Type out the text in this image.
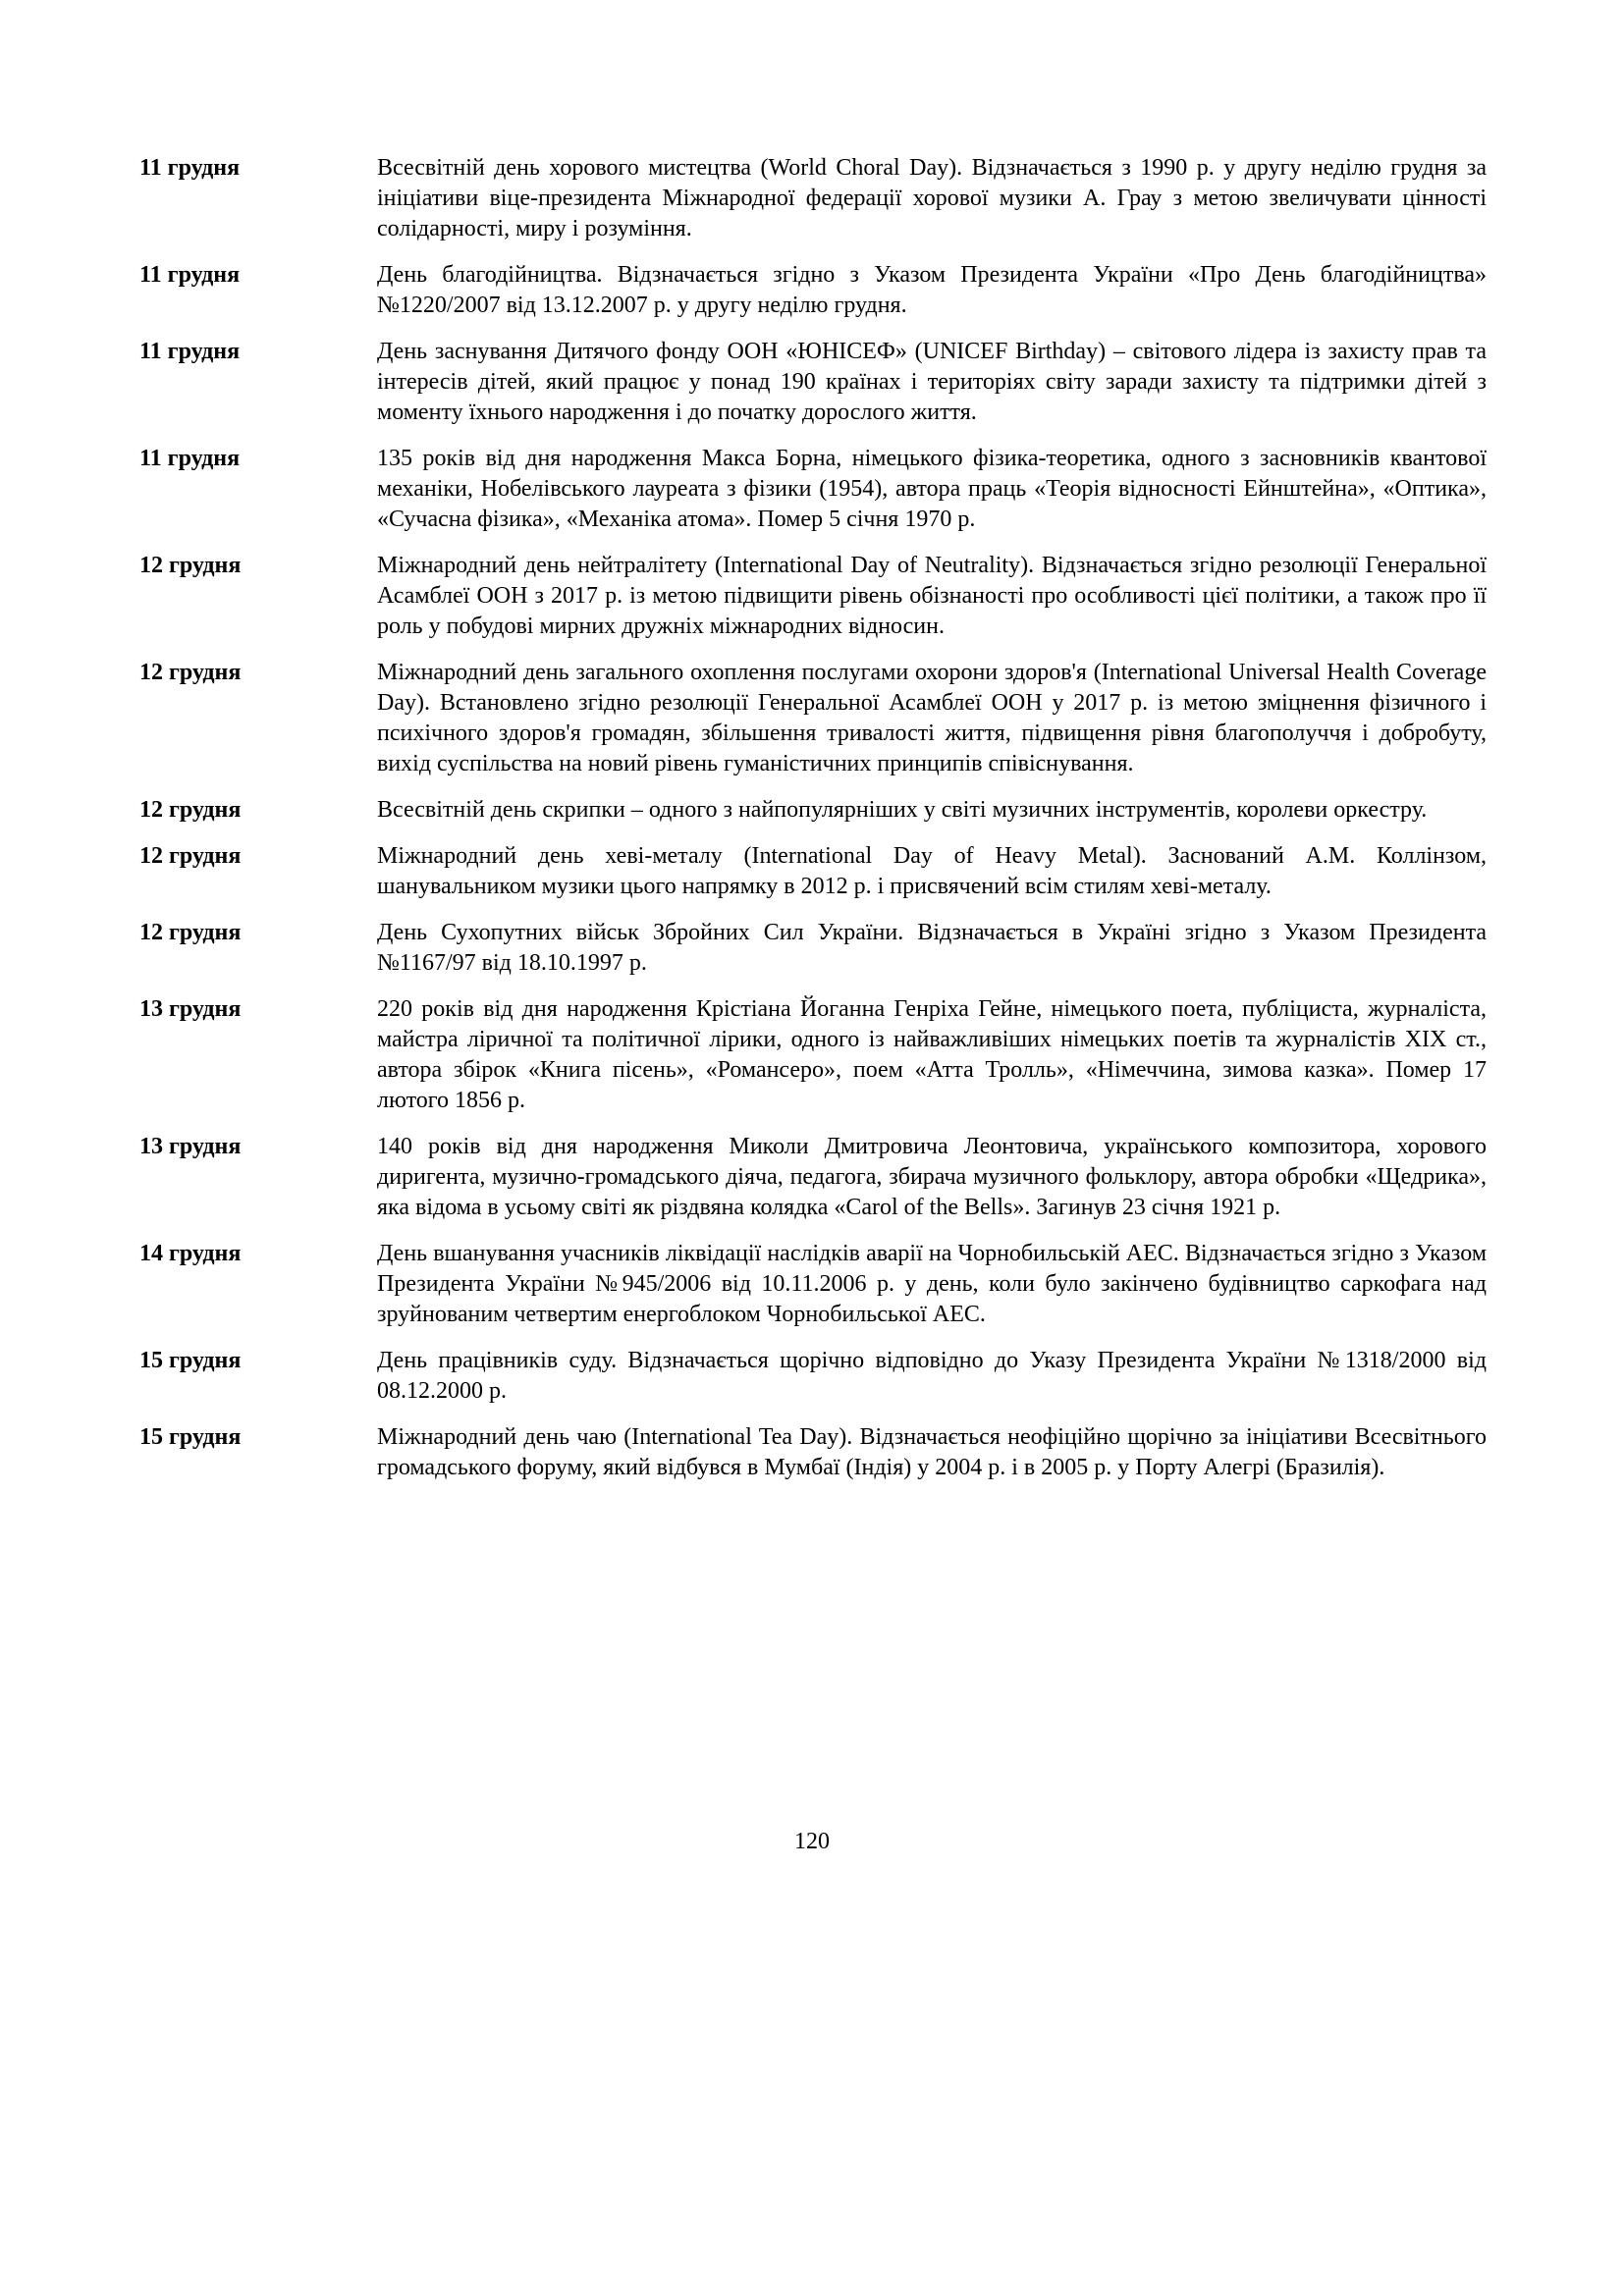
11 грудня	Всесвітній день хорового мистецтва (World Choral Day). Відзначається з 1990 р. у другу неділю грудня за ініціативи віце-президента Міжнародної федерації хорової музики А. Грау з метою звеличувати цінності солідарності, миру і розуміння.
11 грудня	День благодійництва. Відзначається згідно з Указом Президента України «Про День благодійництва» №1220/2007 від 13.12.2007 р. у другу неділю грудня.
11 грудня	День заснування Дитячого фонду ООН «ЮНІСЕФ» (UNICEF Birthday) – світового лідера із захисту прав та інтересів дітей, який працює у понад 190 країнах і територіях світу заради захисту та підтримки дітей з моменту їхнього народження і до початку дорослого життя.
11 грудня	135 років від дня народження Макса Борна, німецького фізика-теоретика, одного з засновників квантової механіки, Нобелівського лауреата з фізики (1954), автора праць «Теорія відносності Ейнштейна», «Оптика», «Сучасна фізика», «Механіка атома». Помер 5 січня 1970 р.
12 грудня	Міжнародний день нейтралітету (International Day of Neutrality). Відзначається згідно резолюції Генеральної Асамблеї ООН з 2017 р. із метою підвищити рівень обізнаності про особливості цієї політики, а також про її роль у побудові мирних дружніх міжнародних відносин.
12 грудня	Міжнародний день загального охоплення послугами охорони здоров'я (International Universal Health Coverage Day). Встановлено згідно резолюції Генеральної Асамблеї ООН у 2017 р. із метою зміцнення фізичного і психічного здоров'я громадян, збільшення тривалості життя, підвищення рівня благополуччя і добробуту, вихід суспільства на новий рівень гуманістичних принципів співіснування.
12 грудня	Всесвітній день скрипки – одного з найпопулярніших у світі музичних інструментів, королеви оркестру.
12 грудня	Міжнародний день хеві-металу (International Day of Heavy Metal). Заснований А.М. Коллінзом, шанувальником музики цього напрямку в 2012 р. і присвячений всім стилям хеві-металу.
12 грудня	День Сухопутних військ Збройних Сил України. Відзначається в Україні згідно з Указом Президента №1167/97 від 18.10.1997 р.
13 грудня	220 років від дня народження Крістіана Йоганна Генріха Гейне, німецького поета, публіциста, журналіста, майстра ліричної та політичної лірики, одного із найважливіших німецьких поетів та журналістів ХІХ ст., автора збірок «Книга пісень», «Романсеро», поем «Атта Тролль», «Німеччина, зимова казка». Помер 17 лютого 1856 р.
13 грудня	140 років від дня народження Миколи Дмитровича Леонтовича, українського композитора, хорового диригента, музично-громадського діяча, педагога, збирача музичного фольклору, автора обробки «Щедрика», яка відома в усьому світі як різдвяна колядка «Carol of the Bells». Загинув 23 січня 1921 р.
14 грудня	День вшанування учасників ліквідації наслідків аварії на Чорнобильській АЕС. Відзначається згідно з Указом Президента України №945/2006 від 10.11.2006 р. у день, коли було закінчено будівництво саркофага над зруйнованим четвертим енергоблоком Чорнобильської АЕС.
15 грудня	День працівників суду. Відзначається щорічно відповідно до Указу Президента України №1318/2000 від 08.12.2000 р.
15 грудня	Міжнародний день чаю (International Tea Day). Відзначається неофіційно щорічно за ініціативи Всесвітнього громадського форуму, який відбувся в Мумбаї (Індія) у 2004 р. і в 2005 р. у Порту Алегрі (Бразилія).
120
